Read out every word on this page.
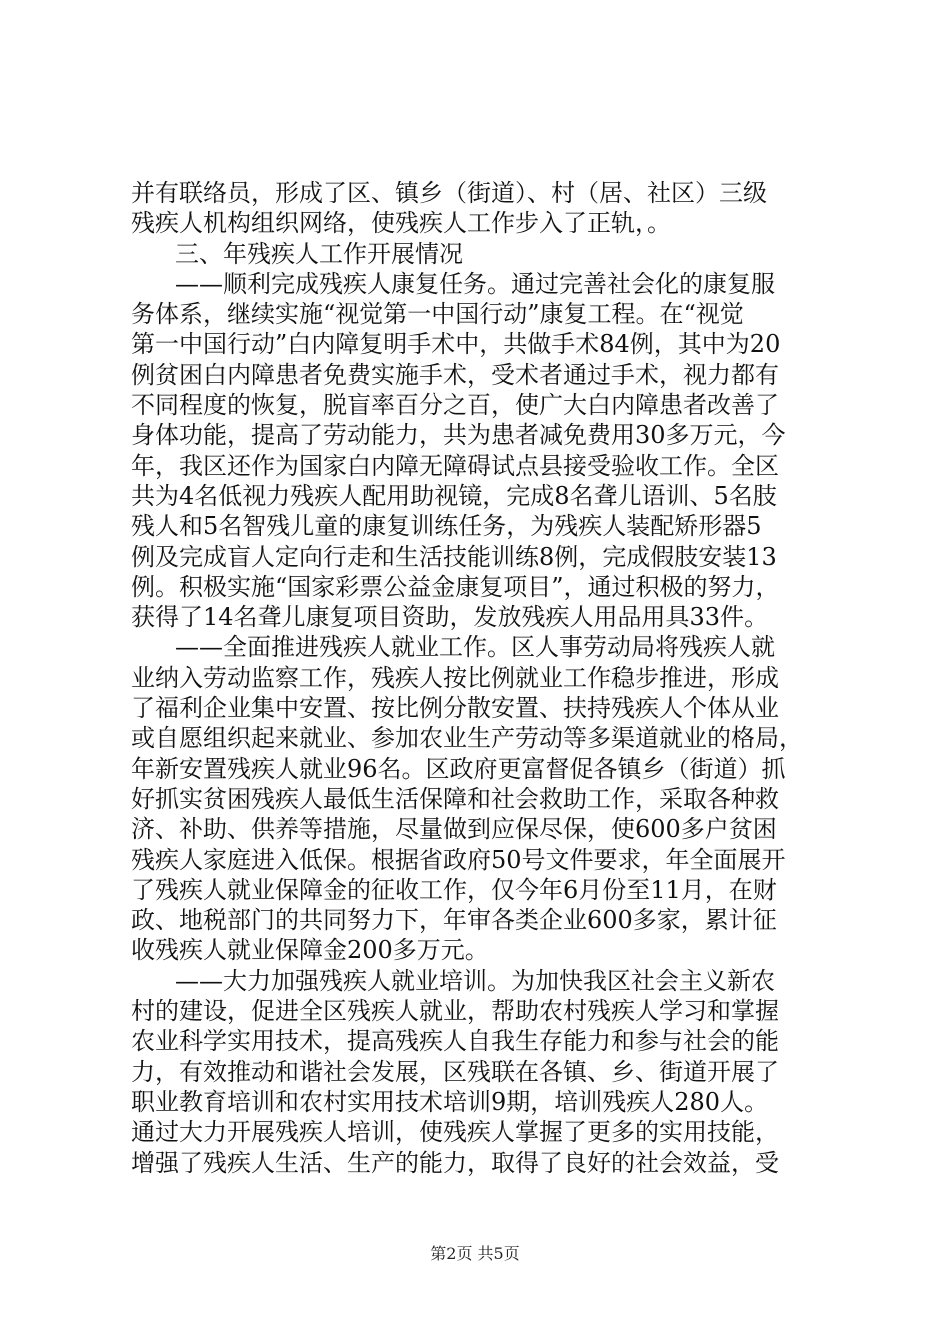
并有联络员，形成了区、镇乡（街道）、村（居、社区）三级
残疾人机构组织网络，使残疾人工作步入了正轨，。
三、年残疾人工作开展情况
——顺利完成残疾人康复任务。通过完善社会化的康复服
务体系，继续实施“视觉第一中国行动”康复工程。在“视觉
第一中国行动”白内障复明手术中，共做手术84例，其中为20
例贫困白内障患者免费实施手术，受术者通过手术，视力都有
不同程度的恢复，脱盲率百分之百，使广大白内障患者改善了
身体功能，提高了劳动能力，共为患者减免费用30多万元，今
年，我区还作为国家白内障无障碍试点县接受验收工作。全区
共为4名低视力残疾人配用助视镜，完成8名聋儿语训、5名肢
残人和5名智残儿童的康复训练任务，为残疾人装配矫形器5
例及完成盲人定向行走和生活技能训练8例，完成假肢安装13
例。积极实施“国家彩票公益金康复项目”，通过积极的努力，
获得了14名聋儿康复项目资助，发放残疾人用品用具33件。
——全面推进残疾人就业工作。区人事劳动局将残疾人就
业纳入劳动监察工作，残疾人按比例就业工作稳步推进，形成
了福利企业集中安置、按比例分散安置、扶持残疾人个体从业
或自愿组织起来就业、参加农业生产劳动等多渠道就业的格局，
年新安置残疾人就业96名。区政府更富督促各镇乡（街道）抓
好抓实贫困残疾人最低生活保障和社会救助工作，采取各种救
济、补助、供养等措施，尽量做到应保尽保，使600多户贫困
残疾人家庭进入低保。根据省政府50号文件要求，年全面展开
了残疾人就业保障金的征收工作，仅今年6月份至11月，在财
政、地税部门的共同努力下，年审各类企业600多家，累计征
收残疾人就业保障金200多万元。
——大力加强残疾人就业培训。为加快我区社会主义新农
村的建设，促进全区残疾人就业，帮助农村残疾人学习和掌握
农业科学实用技术，提高残疾人自我生存能力和参与社会的能
力，有效推动和谐社会发展，区残联在各镇、乡、街道开展了
职业教育培训和农村实用技术培训9期，培训残疾人280人。
通过大力开展残疾人培训，使残疾人掌握了更多的实用技能，
增强了残疾人生活、生产的能力，取得了良好的社会效益，受
第2页 共5页
